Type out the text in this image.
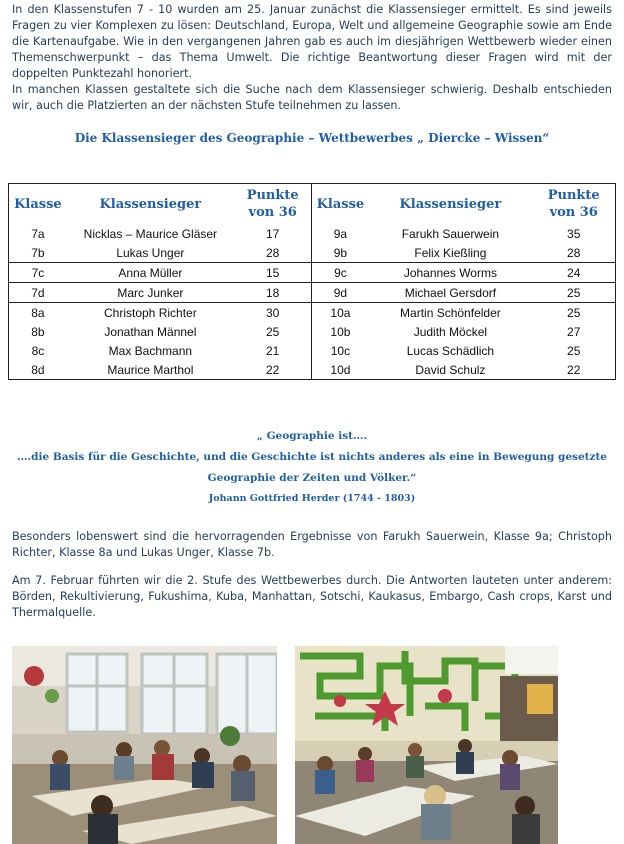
In den Klassenstufen 7 - 10 wurden am 25. Januar zunächst die Klassensieger ermittelt. Es sind jeweils Fragen zu vier Komplexen zu lösen: Deutschland, Europa, Welt und allgemeine Geographie sowie am Ende die Kartenaufgabe. Wie in den vergangenen Jahren gab es auch im diesjährigen Wettbewerb wieder einen Themenschwerpunkt – das Thema Umwelt. Die richtige Beantwortung dieser Fragen wird mit der doppelten Punktezahl honoriert.

In manchen Klassen gestaltete sich die Suche nach dem Klassensieger schwierig. Deshalb entschieden wir, auch die Platzierten an der nächsten Stufe teilnehmen zu lassen.

Die Klassensieger des Geographie – Wettbewerbes „ Diercke – Wissen“
Klasse	Klassensieger	Punkte
von 36	Klasse	Klassensieger	Punkte
von 36
7a	Nicklas – Maurice Gläser	17	9a	Farukh Sauerwein	35
7b	Lukas Unger	28	9b	Felix Kießling	28
7c	Anna Müller	15	9c	Johannes Worms	24
7d	Marc Junker	18	9d	Michael Gersdorf	25
8a	Christoph Richter	30	10a	Martin Schönfelder	25
8b	Jonathan Männel	25	10b	Judith Möckel	27
8c	Max Bachmann	21	10c	Lucas Schädlich	25
8d	Maurice Marthol	22	10d	David Schulz	22
„ Geographie ist….
….die Basis für die Geschichte, und die Geschichte ist nichts anderes als eine in Bewegung gesetzte
Geographie der Zeiten und Völker.“
Johann Gottfried Herder (1744 - 1803)

Besonders lobenswert sind die hervorragenden Ergebnisse von Farukh Sauerwein, Klasse 9a; Christoph Richter, Klasse 8a und Lukas Unger, Klasse 7b.

Am 7. Februar führten wir die 2. Stufe des Wettbewerbes durch. Die Antworten lauteten unter anderem: Börden, Rekultivierung, Fukushima, Kuba, Manhattan, Sotschi, Kaukasus, Embargo, Cash crops, Karst und Thermalquelle.
